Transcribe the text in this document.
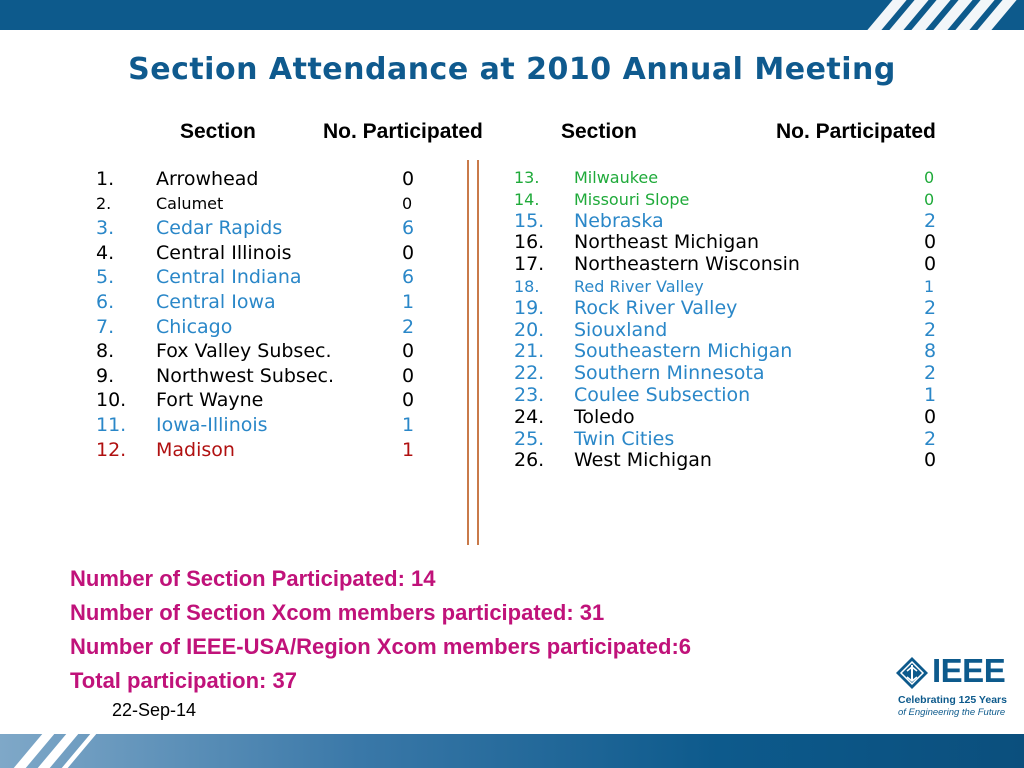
Section Attendance at 2010 Annual Meeting
Section	No. Participated	Section	No. Participated
1. Arrowhead	0
2.	Calumet	0
3. Cedar Rapids	6
4. Central Illinois	0
5. Central Indiana	6
6. Central Iowa	1
7. Chicago	2
8. Fox Valley Subsec.	0
9. Northwest Subsec.	0
10. Fort Wayne	0
11. Iowa-Illinois	1
12. Madison	1
13. Milwaukee	0
14. Missouri Slope	0
15. Nebraska	2
16. Northeast Michigan	0
17. Northeastern Wisconsin	0
18. Red River Valley	1
19. Rock River Valley	2
20. Siouxland	2
21. Southeastern Michigan	8
22. Southern Minnesota	2
23. Coulee Subsection	1
24. Toledo	0
25. Twin Cities	2
26. West Michigan	0
Number of Section Participated: 14
Number of Section Xcom members participated: 31
Number of IEEE-USA/Region Xcom members participated:6
Total participation: 37
22-Sep-14
IEEE
Celebrating 125 Years
of Engineering the Future
